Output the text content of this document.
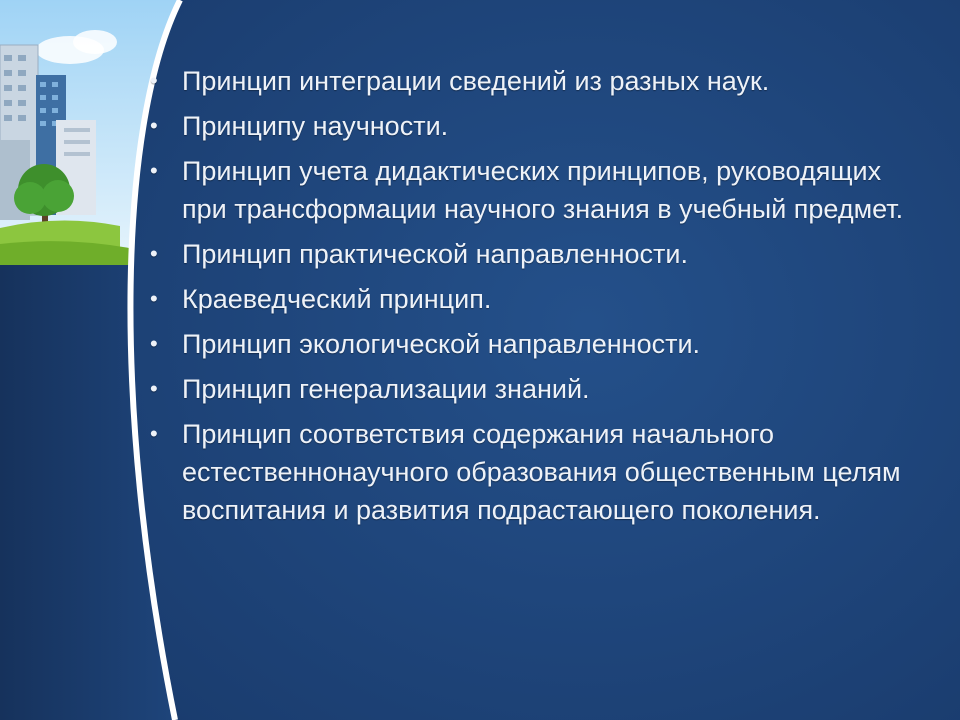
• Принцип интеграции сведений из разных наук.
• Принципу научности.
• Принцип учета дидактических принципов, руководящих при трансформации научного знания в учебный предмет.
• Принцип практической направленности.
• Краеведческий принцип.
• Принцип экологической направленности.
• Принцип генерализации знаний.
• Принцип соответствия содержания начального естественнонаучного образования общественным целям воспитания и развития подрастающего поколения.
